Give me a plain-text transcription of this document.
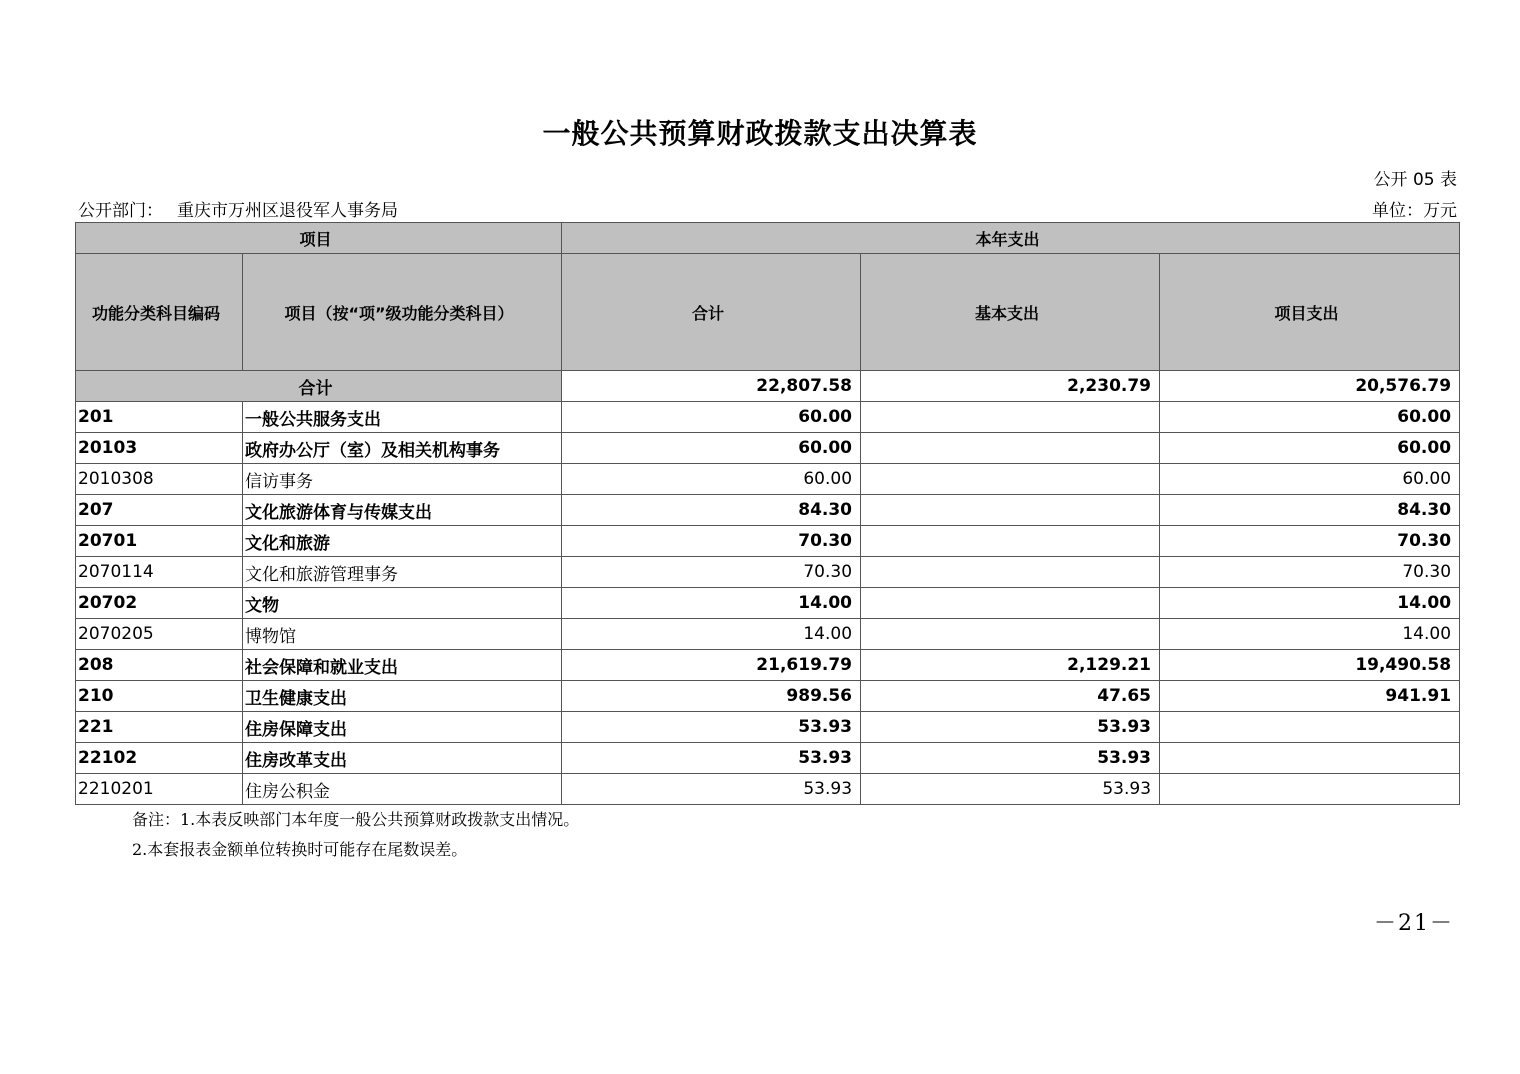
一般公共预算财政拨款支出决算表
公开 05 表
公开部门： 重庆市万州区退役军人事务局	单位：万元
项目		本年支出		
功能分类科目编码	项目（按“项”级功能分类科目）	合计	基本支出	项目支出
合计		22,807.58	2,230.79	20,576.79
201	一般公共服务支出	60.00		60.00
20103	政府办公厅（室）及相关机构事务	60.00		60.00
2010308	信访事务	60.00		60.00
207	文化旅游体育与传媒支出	84.30		84.30
20701	文化和旅游	70.30		70.30
2070114	文化和旅游管理事务	70.30		70.30
20702	文物	14.00		14.00
2070205	博物馆	14.00		14.00
208	社会保障和就业支出	21,619.79	2,129.21	19,490.58
210	卫生健康支出	989.56	47.65	941.91
221	住房保障支出	53.93	53.93	
22102	住房改革支出	53.93	53.93	
2210201	住房公积金	53.93	53.93	
备注：1.本表反映部门本年度一般公共预算财政拨款支出情况。
2.本套报表金额单位转换时可能存在尾数误差。
－21－
